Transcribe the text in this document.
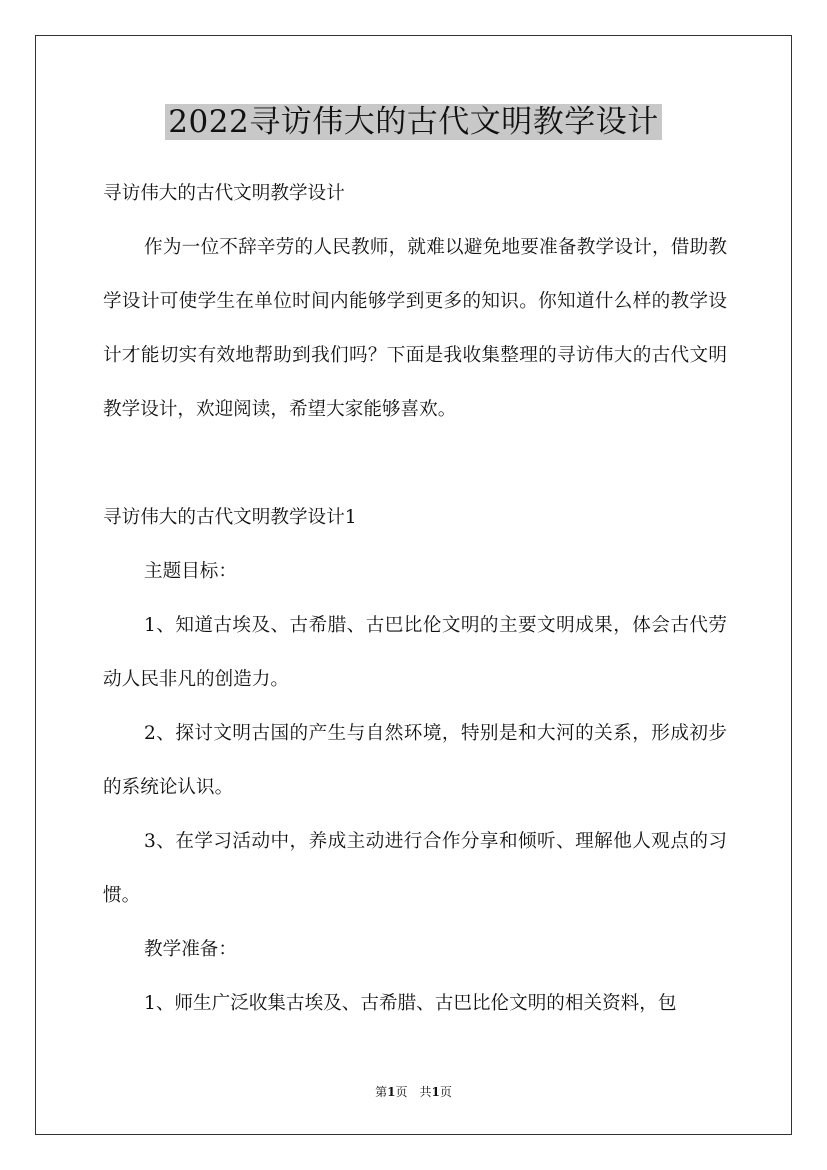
2022寻访伟大的古代文明教学设计

寻访伟大的古代文明教学设计

作为一位不辞辛劳的人民教师，就难以避免地要准备教学设计，借助教学设计可使学生在单位时间内能够学到更多的知识。你知道什么样的教学设计才能切实有效地帮助到我们吗？下面是我收集整理的寻访伟大的古代文明教学设计，欢迎阅读，希望大家能够喜欢。

寻访伟大的古代文明教学设计1

主题目标：

1、知道古埃及、古希腊、古巴比伦文明的主要文明成果，体会古代劳动人民非凡的创造力。

2、探讨文明古国的产生与自然环境，特别是和大河的关系，形成初步的系统论认识。

3、在学习活动中，养成主动进行合作分享和倾听、理解他人观点的习惯。

教学准备：

1、师生广泛收集古埃及、古希腊、古巴比伦文明的相关资料，包

第1页　共1页
